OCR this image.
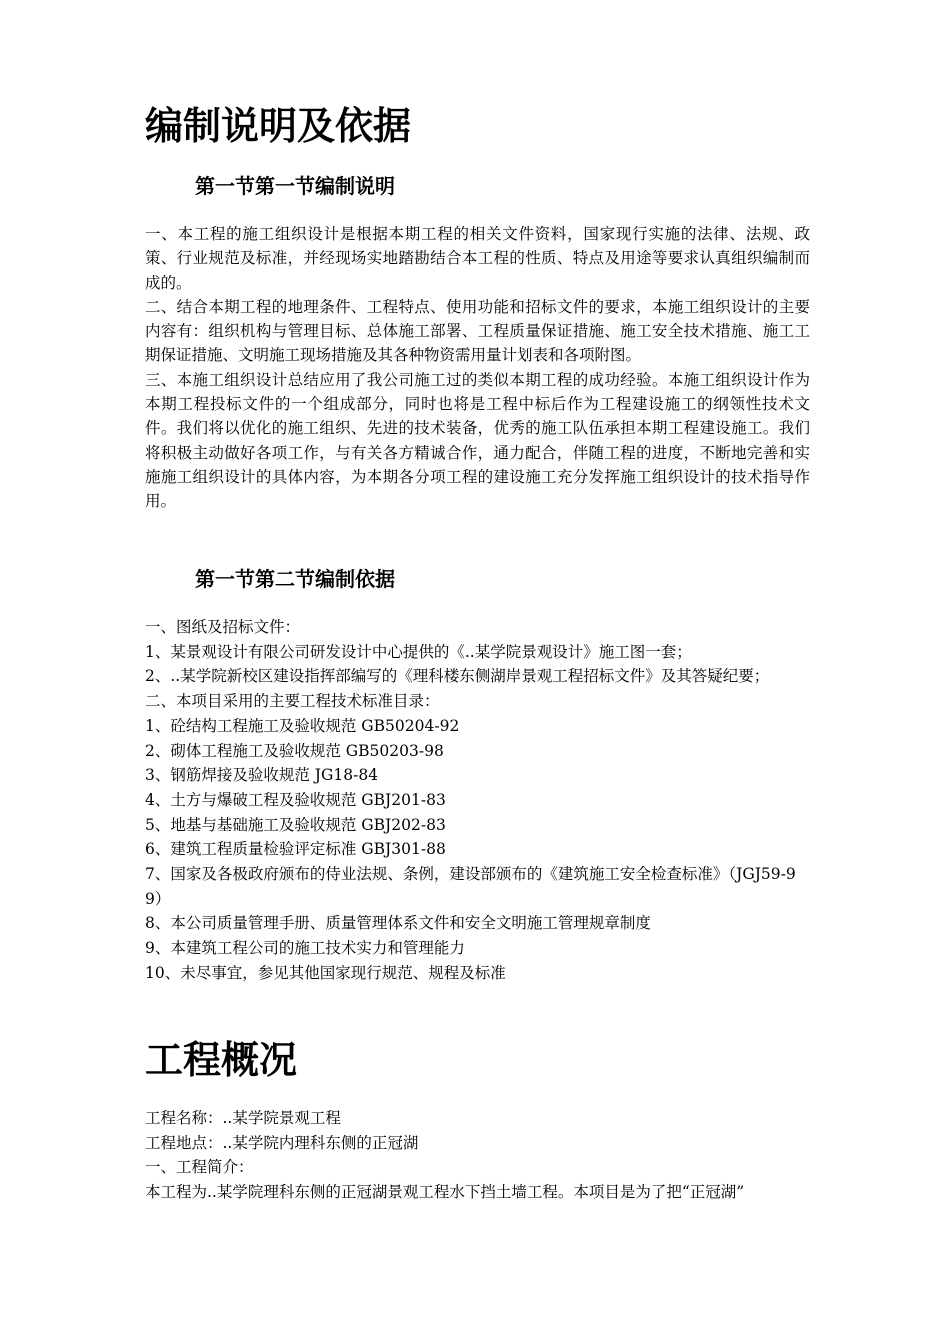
编制说明及依据
第一节第一节编制说明
一、本工程的施工组织设计是根据本期工程的相关文件资料，国家现行实施的法律、法规、政策、行业规范及标准，并经现场实地踏勘结合本工程的性质、特点及用途等要求认真组织编制而成的。
二、结合本期工程的地理条件、工程特点、使用功能和招标文件的要求，本施工组织设计的主要内容有：组织机构与管理目标、总体施工部署、工程质量保证措施、施工安全技术措施、施工工期保证措施、文明施工现场措施及其各种物资需用量计划表和各项附图。
三、本施工组织设计总结应用了我公司施工过的类似本期工程的成功经验。本施工组织设计作为本期工程投标文件的一个组成部分，同时也将是工程中标后作为工程建设施工的纲领性技术文件。我们将以优化的施工组织、先进的技术装备，优秀的施工队伍承担本期工程建设施工。我们将积极主动做好各项工作，与有关各方精诚合作，通力配合，伴随工程的进度，不断地完善和实施施工组织设计的具体内容，为本期各分项工程的建设施工充分发挥施工组织设计的技术指导作用。
第一节第二节编制依据
一、图纸及招标文件：
1、某景观设计有限公司研发设计中心提供的《..某学院景观设计》施工图一套；
2、..某学院新校区建设指挥部编写的《理科楼东侧湖岸景观工程招标文件》及其答疑纪要；
二、本项目采用的主要工程技术标准目录：
1、砼结构工程施工及验收规范 GB50204-92
2、砌体工程施工及验收规范 GB50203-98
3、钢筋焊接及验收规范 JG18-84
4、土方与爆破工程及验收规范 GBJ201-83
5、地基与基础施工及验收规范 GBJ202-83
6、建筑工程质量检验评定标准 GBJ301-88
7、国家及各极政府颁布的侍业法规、条例，建设部颁布的《建筑施工安全检查标准》（JGJ59-99）
8、本公司质量管理手册、质量管理体系文件和安全文明施工管理规章制度
9、本建筑工程公司的施工技术实力和管理能力
10、未尽事宜，参见其他国家现行规范、规程及标准
工程概况
工程名称：..某学院景观工程
工程地点：..某学院内理科东侧的正冠湖
一、工程简介：
本工程为..某学院理科东侧的正冠湖景观工程水下挡土墙工程。本项目是为了把“正冠湖”
